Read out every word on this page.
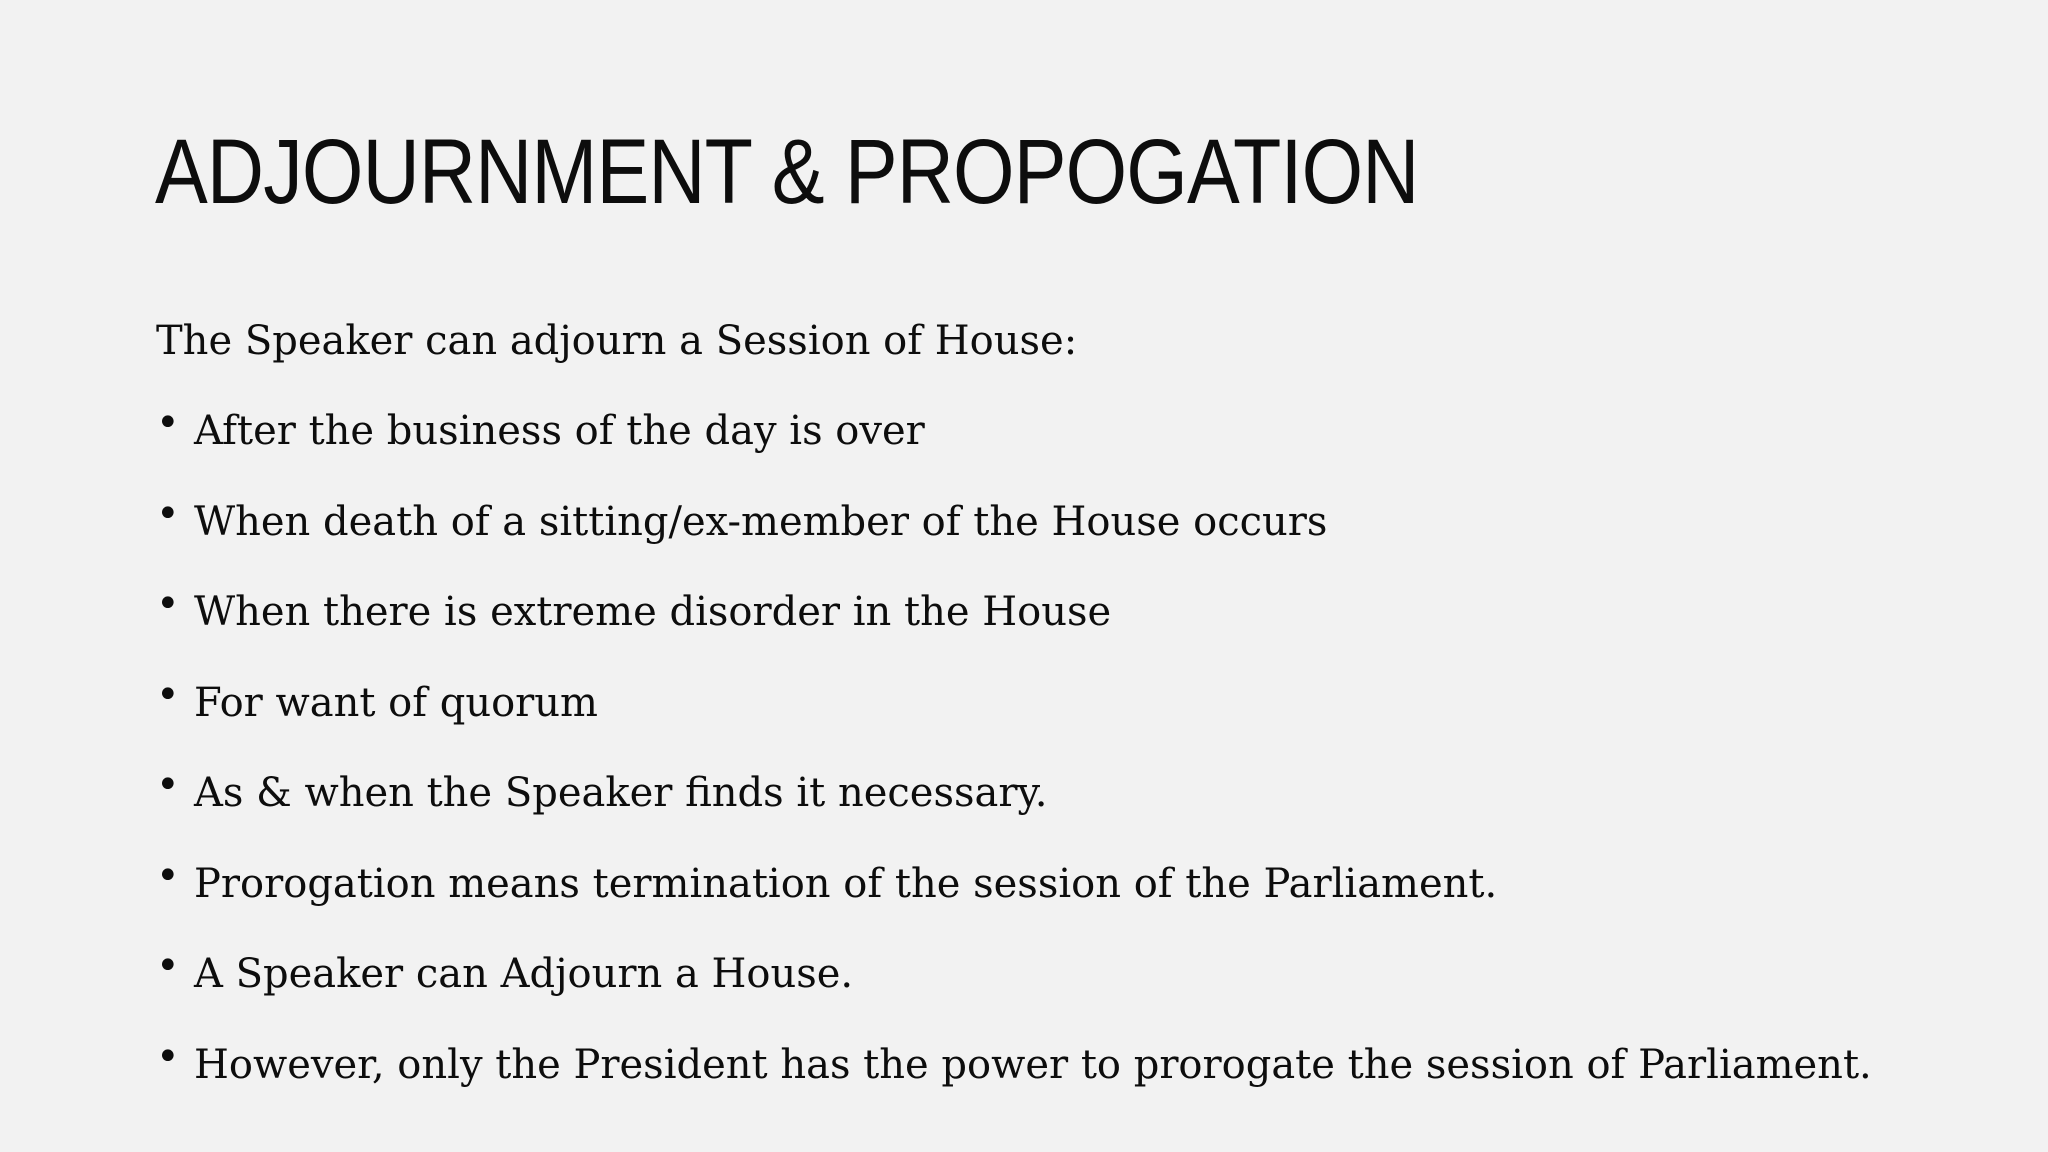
ADJOURNMENT & PROPOGATION

The Speaker can adjourn a Session of House:

• After the business of the day is over
• When death of a sitting/ex-member of the House occurs
• When there is extreme disorder in the House
• For want of quorum
• As & when the Speaker finds it necessary.
• Prorogation means termination of the session of the Parliament.
• A Speaker can Adjourn a House.
• However, only the President has the power to prorogate the session of Parliament.
